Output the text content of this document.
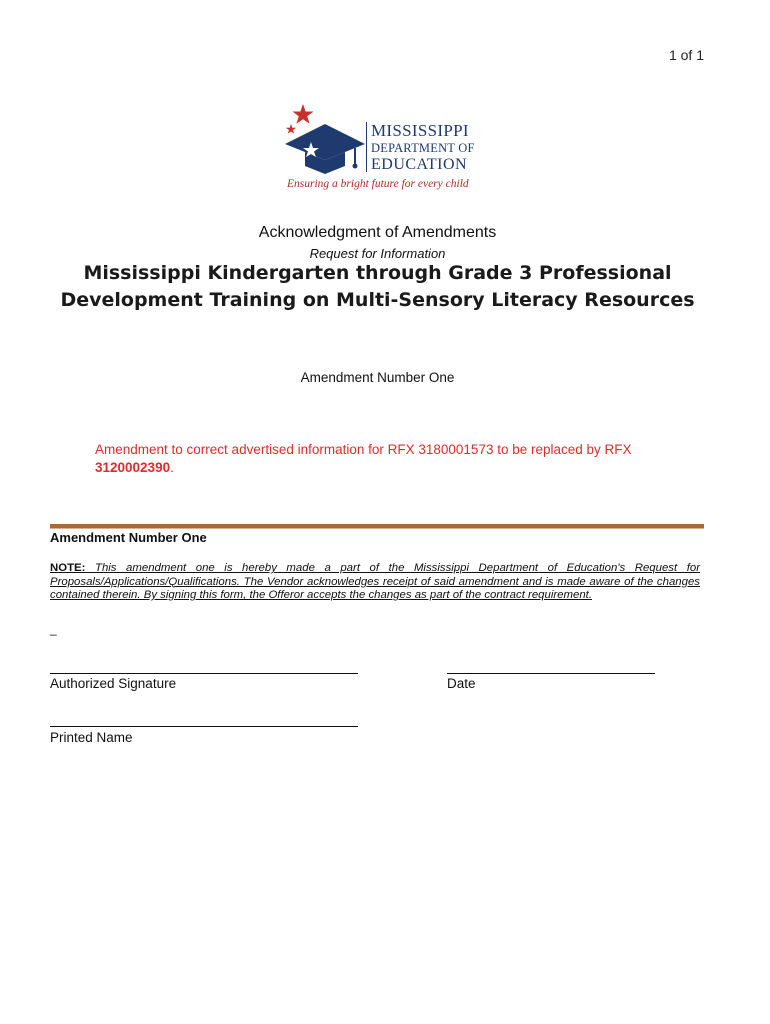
1 of 1
MISSISSIPPI
DEPARTMENT OF
EDUCATION
Ensuring a bright future for every child
Acknowledgment of Amendments
Request for Information
Mississippi Kindergarten through Grade 3 Professional Development Training on Multi-Sensory Literacy Resources
Amendment Number One
Amendment to correct advertised information for RFX 3180001573 to be replaced by RFX 3120002390.
Amendment Number One
NOTE: This amendment one is hereby made a part of the Mississippi Department of Education's Request for Proposals/Applications/Qualifications. The Vendor acknowledges receipt of said amendment and is made aware of the changes contained therein. By signing this form, the Offeror accepts the changes as part of the contract requirement.
_
Authorized Signature	Date
Printed Name
